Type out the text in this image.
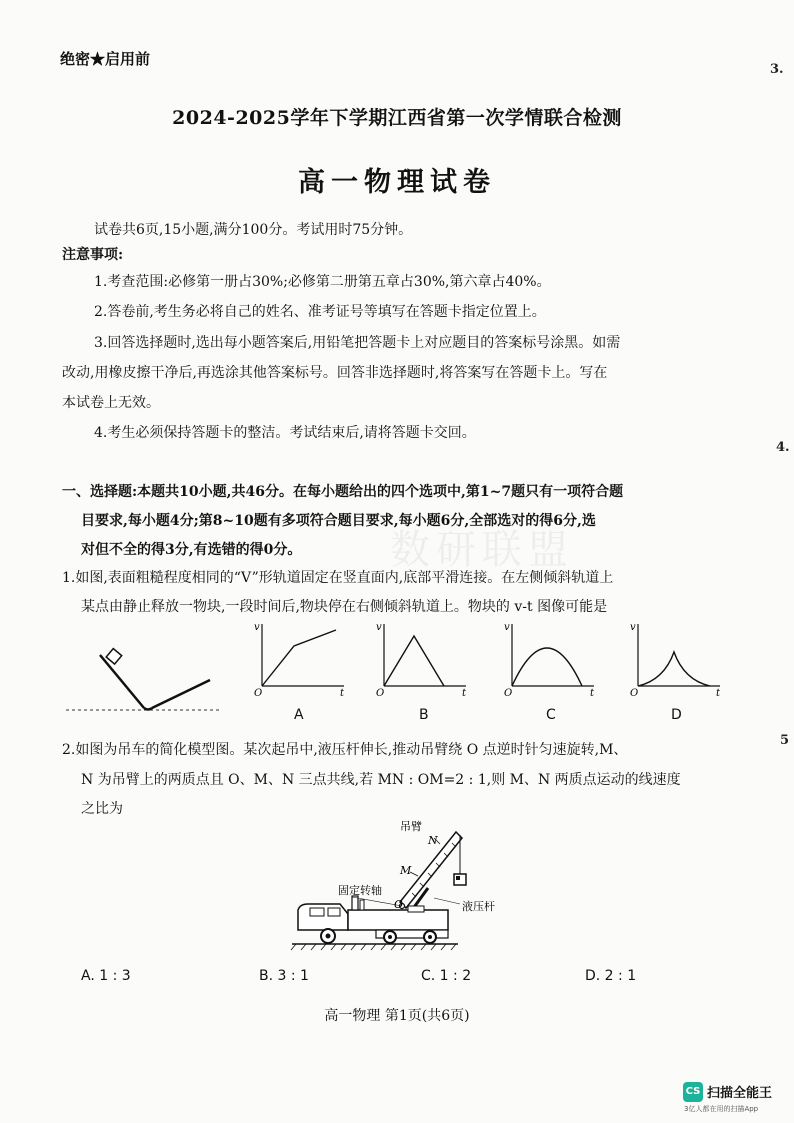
绝密★启用前
2024-2025学年下学期江西省第一次学情联合检测
高一物理试卷
数研联盟
试卷共6页,15小题,满分100分。考试用时75分钟。
注意事项:
1.考查范围:必修第一册占30%;必修第二册第五章占30%,第六章占40%。
2.答卷前,考生务必将自己的姓名、准考证号等填写在答题卡指定位置上。
3.回答选择题时,选出每小题答案后,用铅笔把答题卡上对应题目的答案标号涂黑。如需
改动,用橡皮擦干净后,再选涂其他答案标号。回答非选择题时,将答案写在答题卡上。写在
本试卷上无效。
4.考生必须保持答题卡的整洁。考试结束后,请将答题卡交回。
一、选择题:本题共10小题,共46分。在每小题给出的四个选项中,第1~7题只有一项符合题
目要求,每小题4分;第8~10题有多项符合题目要求,每小题6分,全部选对的得6分,选
对但不全的得3分,有选错的得0分。
1.如图,表面粗糙程度相同的“V”形轨道固定在竖直面内,底部平滑连接。在左侧倾斜轨道上
某点由静止释放一物块,一段时间后,物块停在右侧倾斜轨道上。物块的 v-t 图像可能是
v
t
O
A
v
t
O
B
v
t
O
C
v
t
O
D
2.如图为吊车的简化模型图。某次起吊中,液压杆伸长,推动吊臂绕 O 点逆时针匀速旋转,M、
N 为吊臂上的两质点且 O、M、N 三点共线,若 MN : OM=2 : 1,则 M、N 两质点运动的线速度
之比为
吊臂
N
M
O
固定转轴
液压杆
A. 1 : 3	B. 3 : 1	C. 1 : 2	D. 2 : 1
3.
4.
5
高一物理 第1页(共6页)
CS 扫描全能王
3亿人都在用的扫描App
